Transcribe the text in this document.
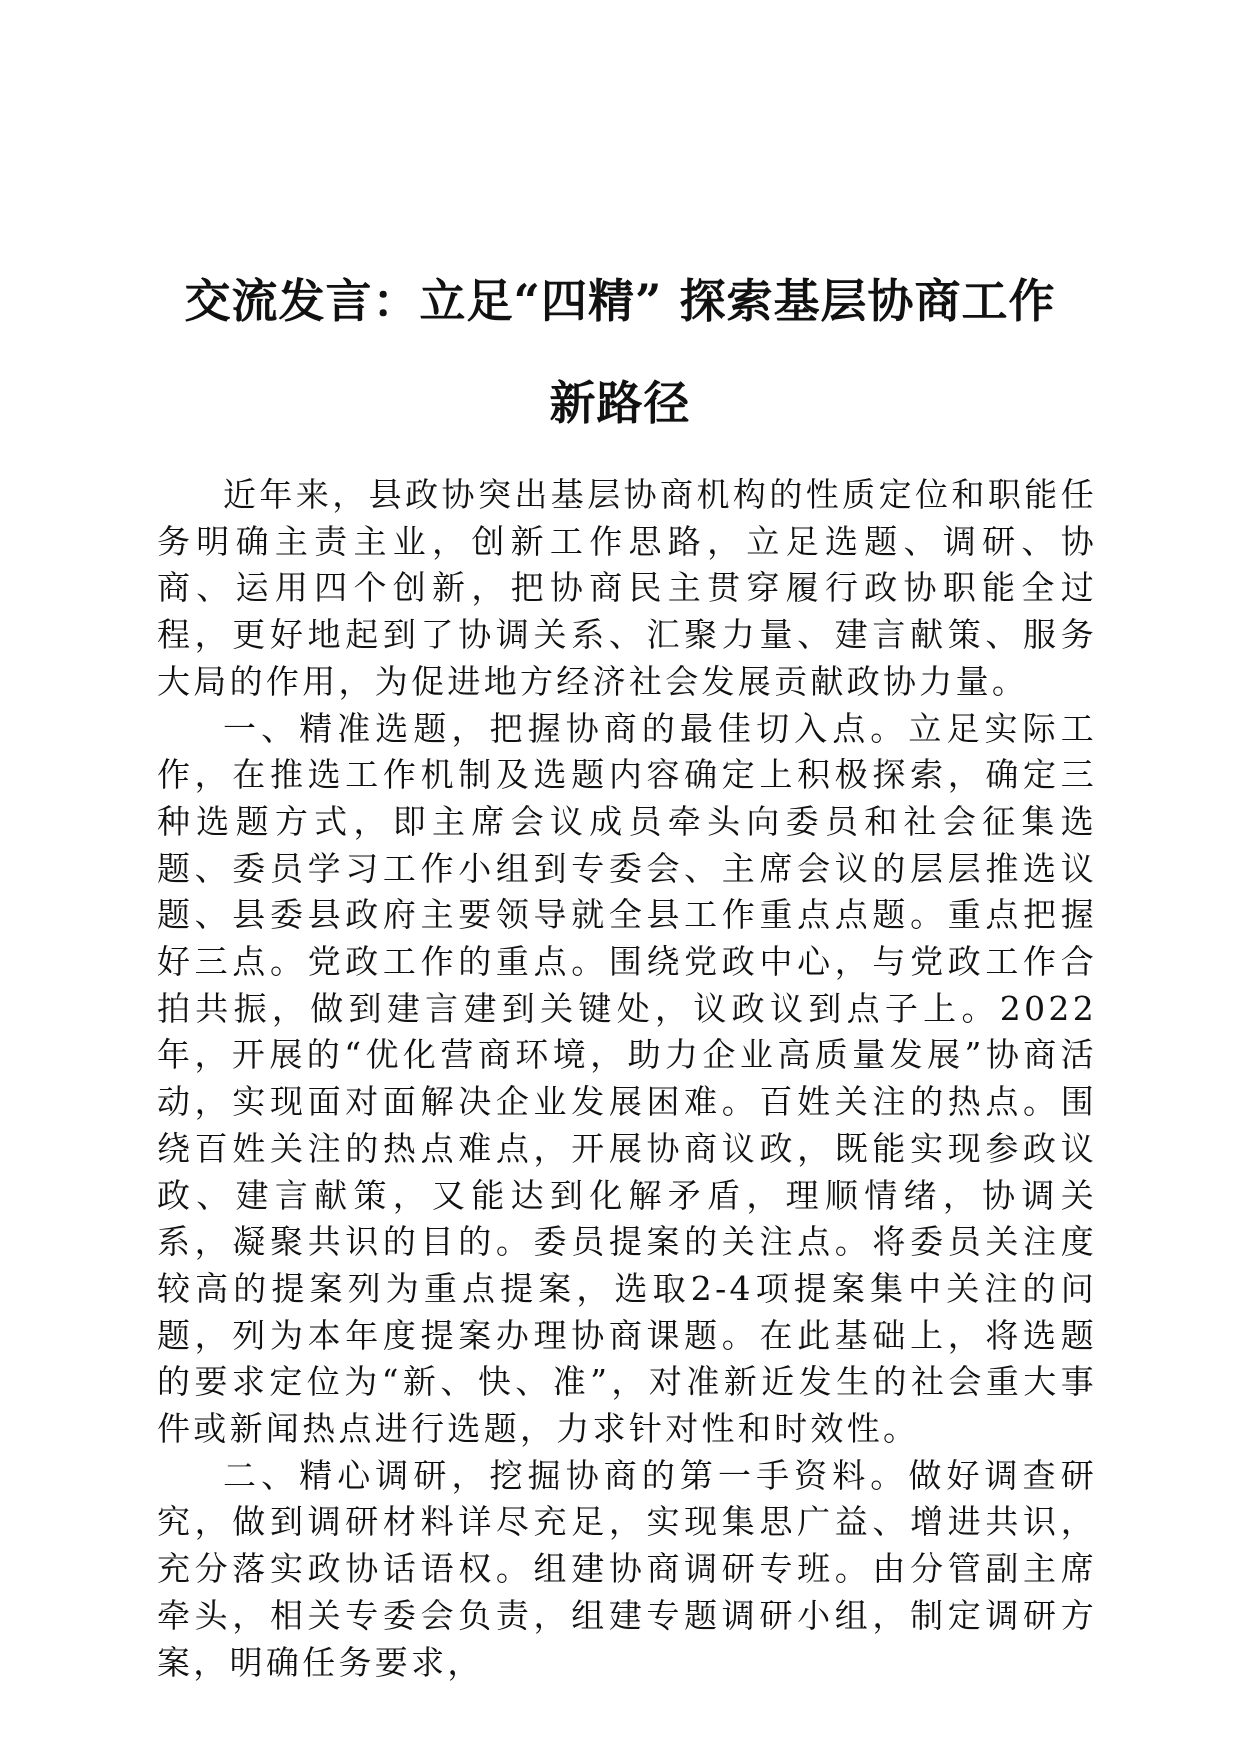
交流发言：立足“四精” 探索基层协商工作
新路径

近年来，县政协突出基层协商机构的性质定位和职能任务明确主责主业，创新工作思路，立足选题、调研、协商、运用四个创新，把协商民主贯穿履行政协职能全过程，更好地起到了协调关系、汇聚力量、建言献策、服务大局的作用，为促进地方经济社会发展贡献政协力量。

一、精准选题，把握协商的最佳切入点。立足实际工作，在推选工作机制及选题内容确定上积极探索，确定三种选题方式，即主席会议成员牵头向委员和社会征集选题、委员学习工作小组到专委会、主席会议的层层推选议题、县委县政府主要领导就全县工作重点点题。重点把握好三点。党政工作的重点。围绕党政中心，与党政工作合拍共振，做到建言建到关键处，议政议到点子上。2022年，开展的“优化营商环境，助力企业高质量发展”协商活动，实现面对面解决企业发展困难。百姓关注的热点。围绕百姓关注的热点难点，开展协商议政，既能实现参政议政、建言献策，又能达到化解矛盾，理顺情绪，协调关系，凝聚共识的目的。委员提案的关注点。将委员关注度较高的提案列为重点提案，选取2-4项提案集中关注的问题，列为本年度提案办理协商课题。在此基础上，将选题的要求定位为“新、快、准”，对准新近发生的社会重大事件或新闻热点进行选题，力求针对性和时效性。

二、精心调研，挖掘协商的第一手资料。做好调查研究，做到调研材料详尽充足，实现集思广益、增进共识，充分落实政协话语权。组建协商调研专班。由分管副主席牵头，相关专委会负责，组建专题调研小组，制定调研方案，明确任务要求，
